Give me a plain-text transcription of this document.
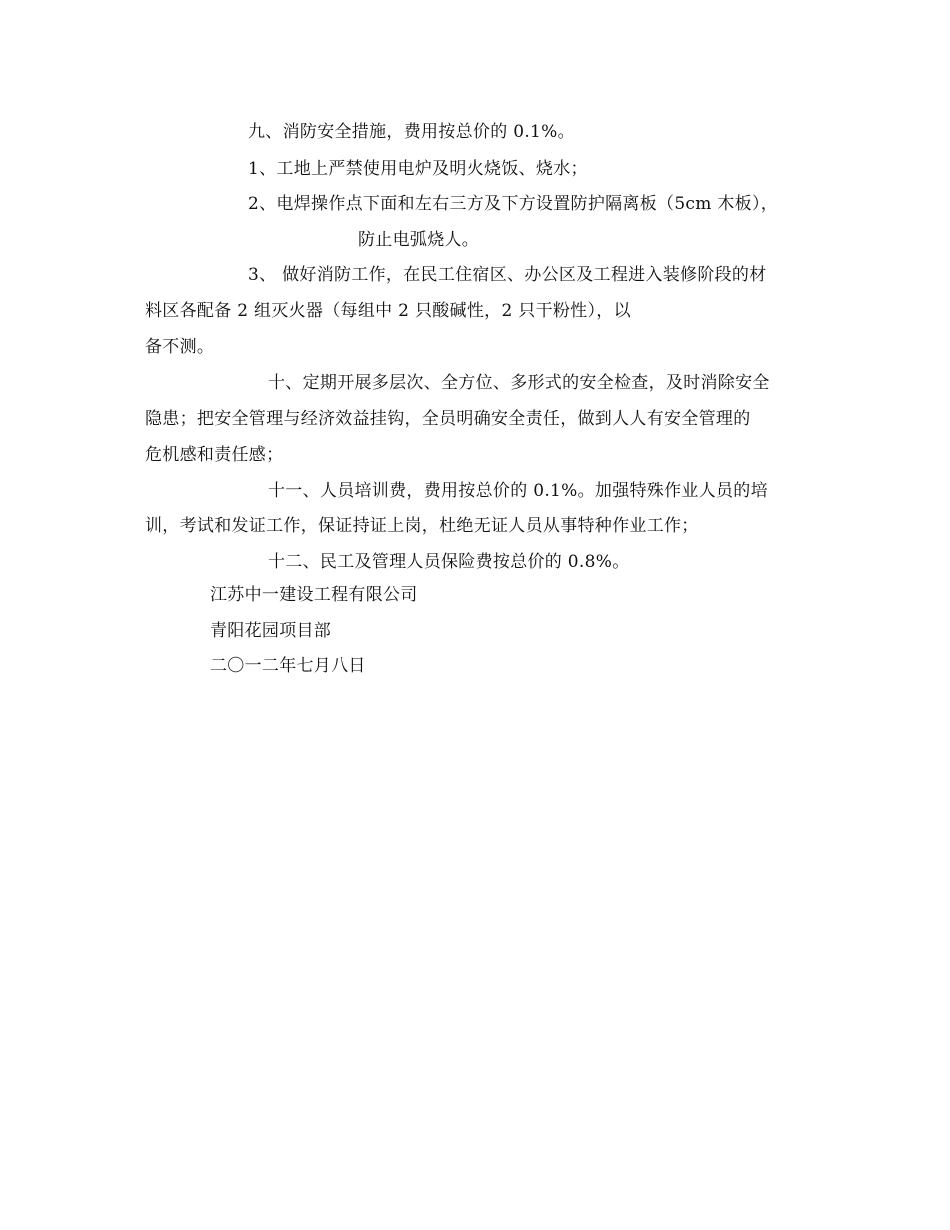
九、消防安全措施，费用按总价的 0.1%。
1、工地上严禁使用电炉及明火烧饭、烧水；
2、电焊操作点下面和左右三方及下方设置防护隔离板（5cm 木板），
防止电弧烧人。
3、 做好消防工作，在民工住宿区、办公区及工程进入装修阶段的材
料区各配备 2 组灭火器（每组中 2 只酸碱性，2 只干粉性），以
备不测。
十、定期开展多层次、全方位、多形式的安全检查，及时消除安全
隐患；把安全管理与经济效益挂钩，全员明确安全责任，做到人人有安全管理的
危机感和责任感；
十一、人员培训费，费用按总价的 0.1%。加强特殊作业人员的培
训，考试和发证工作，保证持证上岗，杜绝无证人员从事特种作业工作；
十二、民工及管理人员保险费按总价的 0.8%。
江苏中一建设工程有限公司
青阳花园项目部
二〇一二年七月八日
